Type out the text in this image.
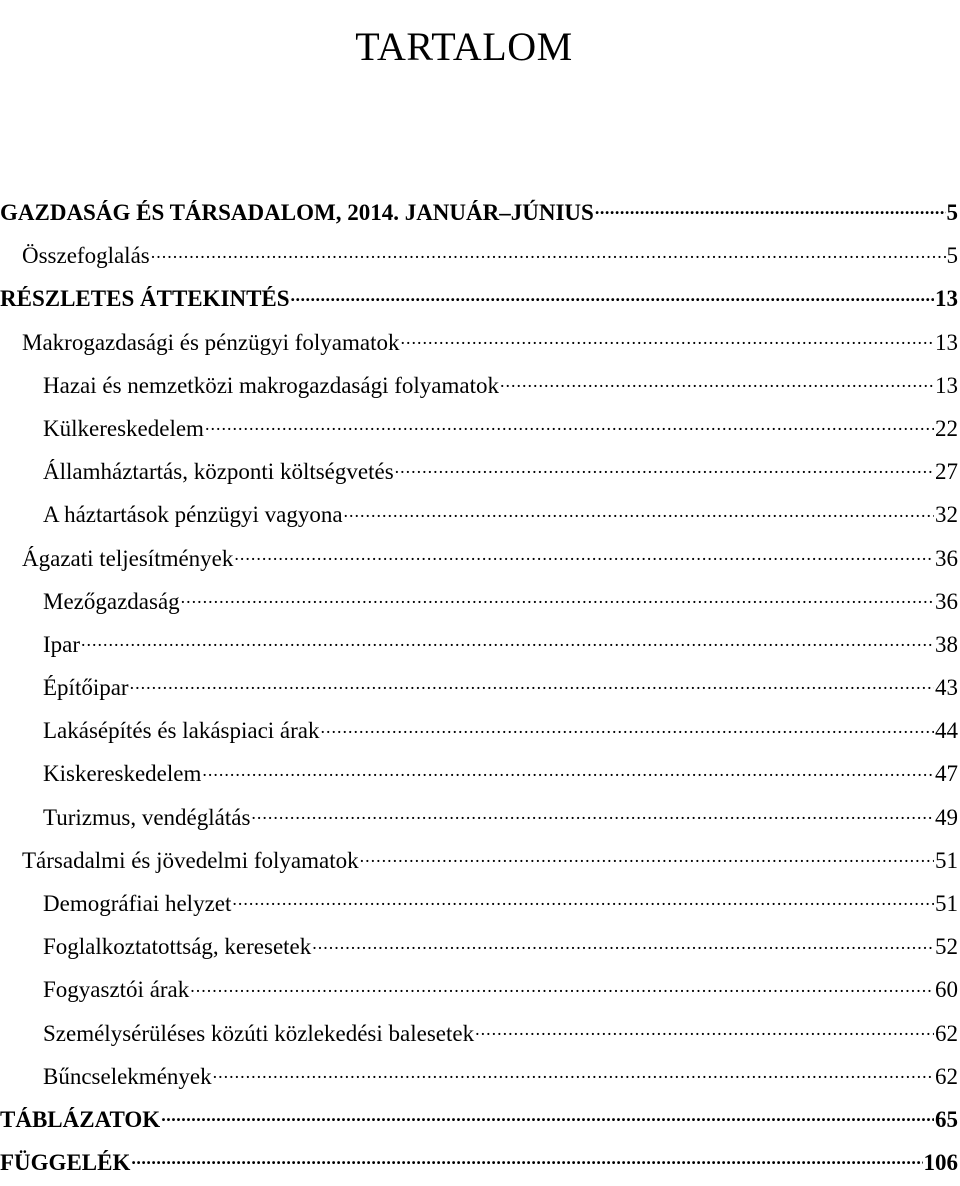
TARTALOM
GAZDASÁG ÉS TÁRSADALOM, 2014. JANUÁR–JÚNIUS .....	5
Összefoglalás .....	5
RÉSZLETES ÁTTEKINTÉS .....	13
Makrogazdasági és pénzügyi folyamatok .....	13
Hazai és nemzetközi makrogazdasági folyamatok .....	13
Külkereskedelem .....	22
Államháztartás, központi költségvetés .....	27
A háztartások pénzügyi vagyona .....	32
Ágazati teljesítmények .....	36
Mezőgazdaság .....	36
Ipar .....	38
Építőipar .....	43
Lakásépítés és lakáspiaci árak .....	44
Kiskereskedelem .....	47
Turizmus, vendéglátás .....	49
Társadalmi és jövedelmi folyamatok .....	51
Demográfiai helyzet .....	51
Foglalkoztatottság, keresetek .....	52
Fogyasztói árak .....	60
Személysérüléses közúti közlekedési balesetek .....	62
Bűncselekmények .....	62
TÁBLÁZATOK .....	65
FÜGGELÉK .....	106
